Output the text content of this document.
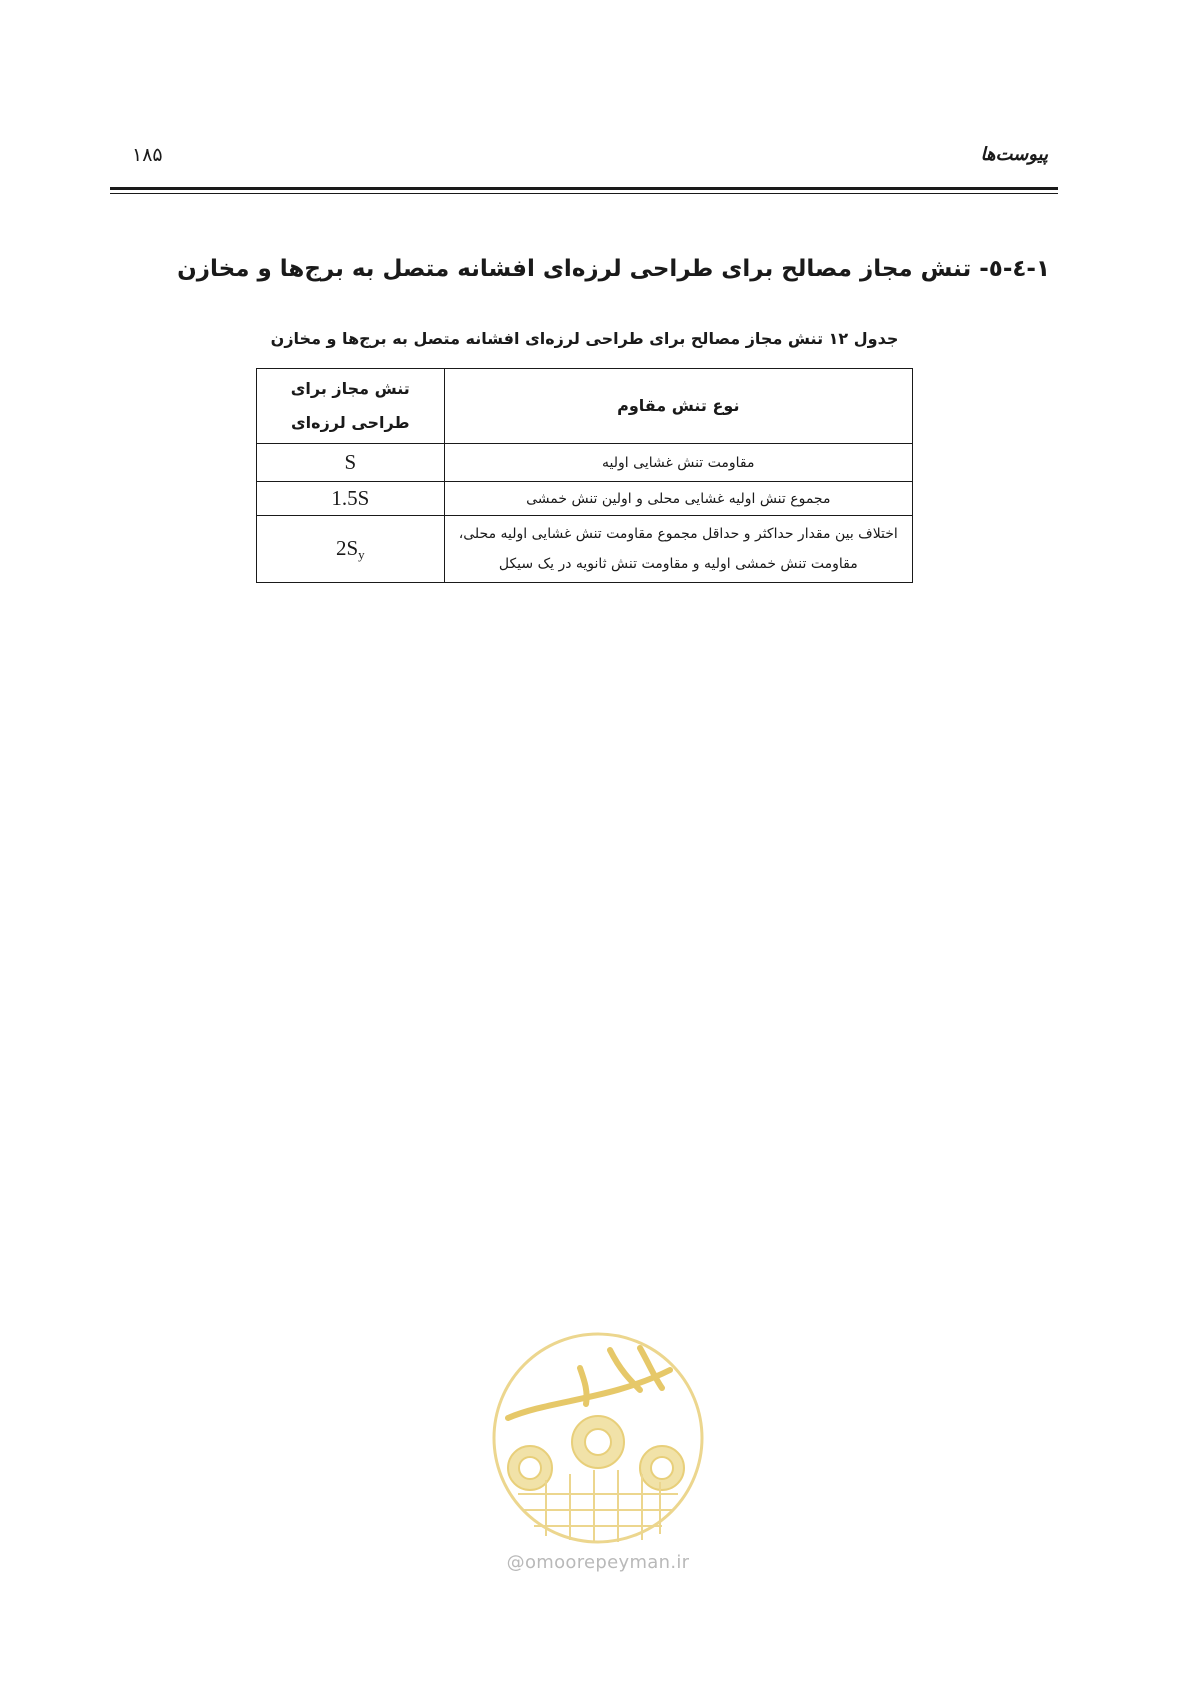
۱۸۵	پیوست‌ها
۱-٤-٥- تنش مجاز مصالح برای طراحی لرزه‌ای افشانه متصل به برج‌ها و مخازن
جدول ۱۲ تنش مجاز مصالح برای طراحی لرزه‌ای افشانه متصل به برج‌ها و مخازن
نوع تنش مقاوم	تنش مجاز برای
طراحی لرزه‌ای

مقاومت تنش غشایی اولیه	S
مجموع تنش اولیه غشایی محلی و اولین تنش خمشی	1.5S

اختلاف بین مقدار حداکثر و حداقل مجموع مقاومت تنش غشایی اولیه محلی،
مقاومت تنش خمشی اولیه و مقاومت تنش ثانویه در یک سیکل	$2S_y$
@omoorepeyman.ir
